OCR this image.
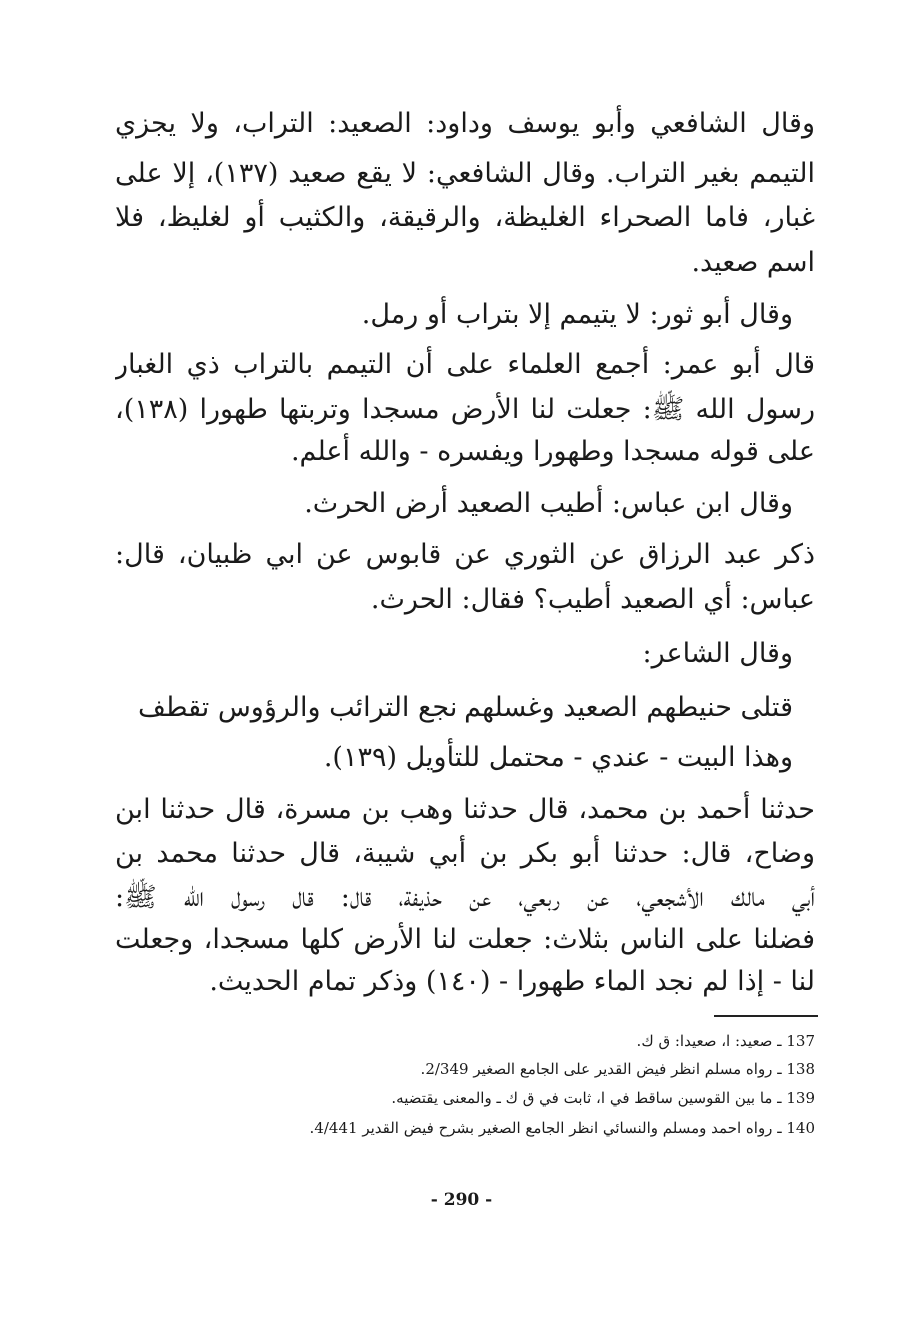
وقال الشافعي وأبو يوسف وداود: الصعيد: التراب، ولا يجزي
التيمم بغير التراب. وقال الشافعي: لا يقع صعيد (١٣٧)، إلا على
غبار، فاما الصحراء الغليظة، والرقيقة، والكثيب أو لغليظ، فلا
اسم صعيد.
وقال أبو ثور: لا يتيمم إلا بتراب أو رمل.
قال أبو عمر: أجمع العلماء على أن التيمم بالتراب ذي الغبار
رسول الله ﷺ: جعلت لنا الأرض مسجدا وتربتها طهورا (١٣٨)،
على قوله مسجدا وطهورا ويفسره - والله أعلم.
وقال ابن عباس: أطيب الصعيد أرض الحرث.
ذكر عبد الرزاق عن الثوري عن قابوس عن ابي ظبيان، قال:
عباس: أي الصعيد أطيب؟ فقال: الحرث.
وقال الشاعر:
قتلى حنيطهم الصعيد وغسلهم
نجع الترائب والرؤوس تقطف
وهذا البيت - عندي - محتمل للتأويل (١٣٩).
حدثنا أحمد بن محمد، قال حدثنا وهب بن مسرة، قال حدثنا ابن
وضاح، قال: حدثنا أبو بكر بن أبي شيبة، قال حدثنا محمد بن
أبي مالك الأشجعي، عن ربعي، عن حذيفة، قال: قال رسول الله ﷺ:
فضلنا على الناس بثلاث: جعلت لنا الأرض كلها مسجدا، وجعلت
لنا - إذا لم نجد الماء طهورا - (١٤٠) وذكر تمام الحديث.
137 ـ صعيد: ا، صعيدا: ق ك.
138 ـ رواه مسلم انظر فيض القدير على الجامع الصغير 2/349.
139 ـ ما بين القوسين ساقط في ا، ثابت في ق ك ـ والمعنى يقتضيه.
140 ـ رواه احمد ومسلم والنسائي انظر الجامع الصغير بشرح فيض القدير 4/441.
- 290 -
